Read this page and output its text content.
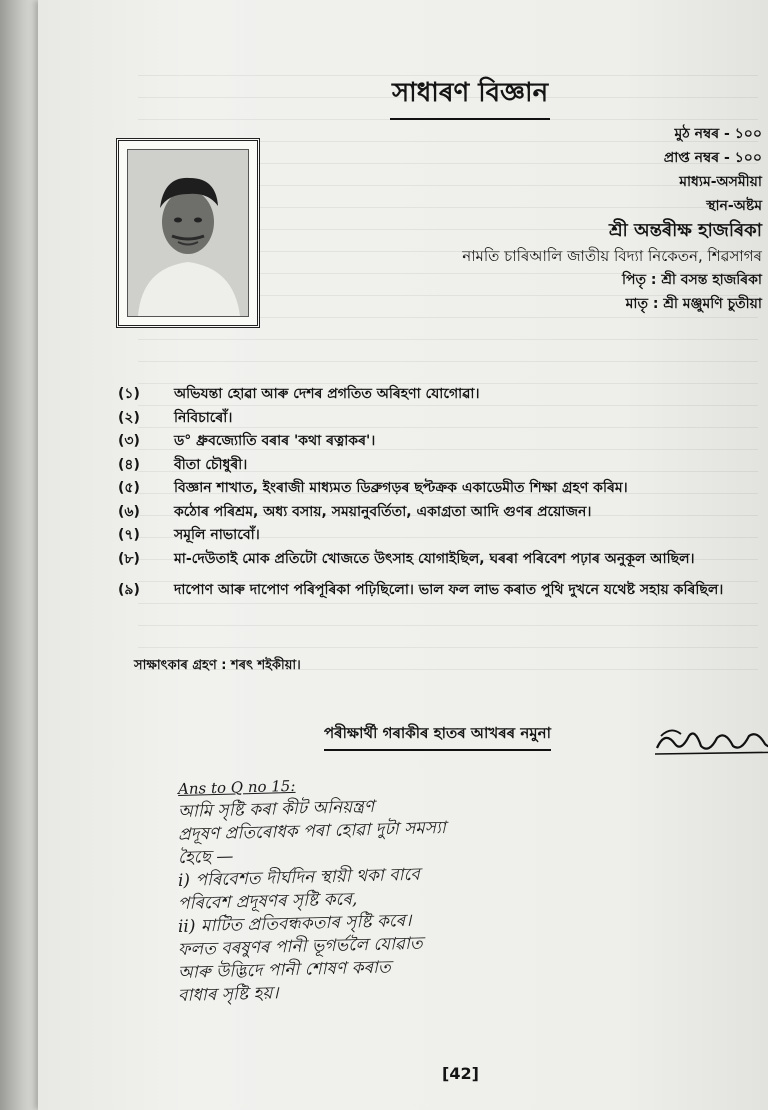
সাধাৰণ বিজ্ঞান
মুঠ নম্বৰ - ১০০
প্ৰাপ্ত নম্বৰ - ১০০
মাধ্যম-অসমীয়া
স্থান-অষ্টম
শ্ৰী অন্তৰীক্ষ হাজৰিকা
নামতি চাৰিআলি জাতীয় বিদ্যা নিকেতন, শিৱসাগৰ
পিতৃ : শ্ৰী বসন্ত হাজৰিকা
মাতৃ : শ্ৰী মঞ্জুমণি চুতীয়া
(১)	অভিযন্তা হোৱা আৰু দেশৰ প্ৰগতিত অৰিহণা যোগোৱা।
(২)	নিবিচাৰোঁ।
(৩)	ড° ধ্ৰুবজ্যোতি বৰাৰ 'কথা ৰত্নাকৰ'।
(৪)	বীতা চৌধুৰী।
(৫)	বিজ্ঞান শাখাত, ইংৰাজী মাধ্যমত ডিব্ৰুগড়ৰ ছপ্টক্ৰক একাডেমীত শিক্ষা গ্ৰহণ কৰিম।
(৬)	কঠোৰ পৰিশ্ৰম, অধ্য বসায়, সময়ানুবৰ্তিতা, একাগ্ৰতা আদি গুণৰ প্ৰয়োজন।
(৭)	সমূলি নাভাবোঁ।
(৮)	মা-দেউতাই মোক প্ৰতিটো খোজতে উৎসাহ যোগাইছিল, ঘৰৰা পৰিবেশ পঢ়াৰ অনুকূল আছিল।
(৯)	দাপোণ আৰু দাপোণ পৰিপূৰিকা পঢ়িছিলো। ভাল ফল লাভ কৰাত পুথি দুখনে যথেষ্ট সহায় কৰিছিল।
সাক্ষাৎকাৰ গ্ৰহণ : শৰৎ শইকীয়া।
পৰীক্ষাৰ্থী গৰাকীৰ হাতৰ আখৰৰ নমুনা
Ans to Q no 15:
আমি সৃষ্টি কৰা কীট অনিয়ন্ত্ৰণ
প্ৰদূষণ প্ৰতিৰোধক পৰা হোৱা দুটা সমস্যা
হৈছে —
i) পৰিবেশত দীৰ্ঘদিন স্থায়ী থকা বাবে
পৰিবেশ প্ৰদূষণৰ সৃষ্টি কৰে,
ii) মাটিত প্ৰতিবন্ধকতাৰ সৃষ্টি কৰে।
ফলত বৰষুণৰ পানী ভূগৰ্ভলৈ যোৱাত
আৰু উদ্ভিদে পানী শোষণ কৰাত
বাধাৰ সৃষ্টি হয়।
[42]
